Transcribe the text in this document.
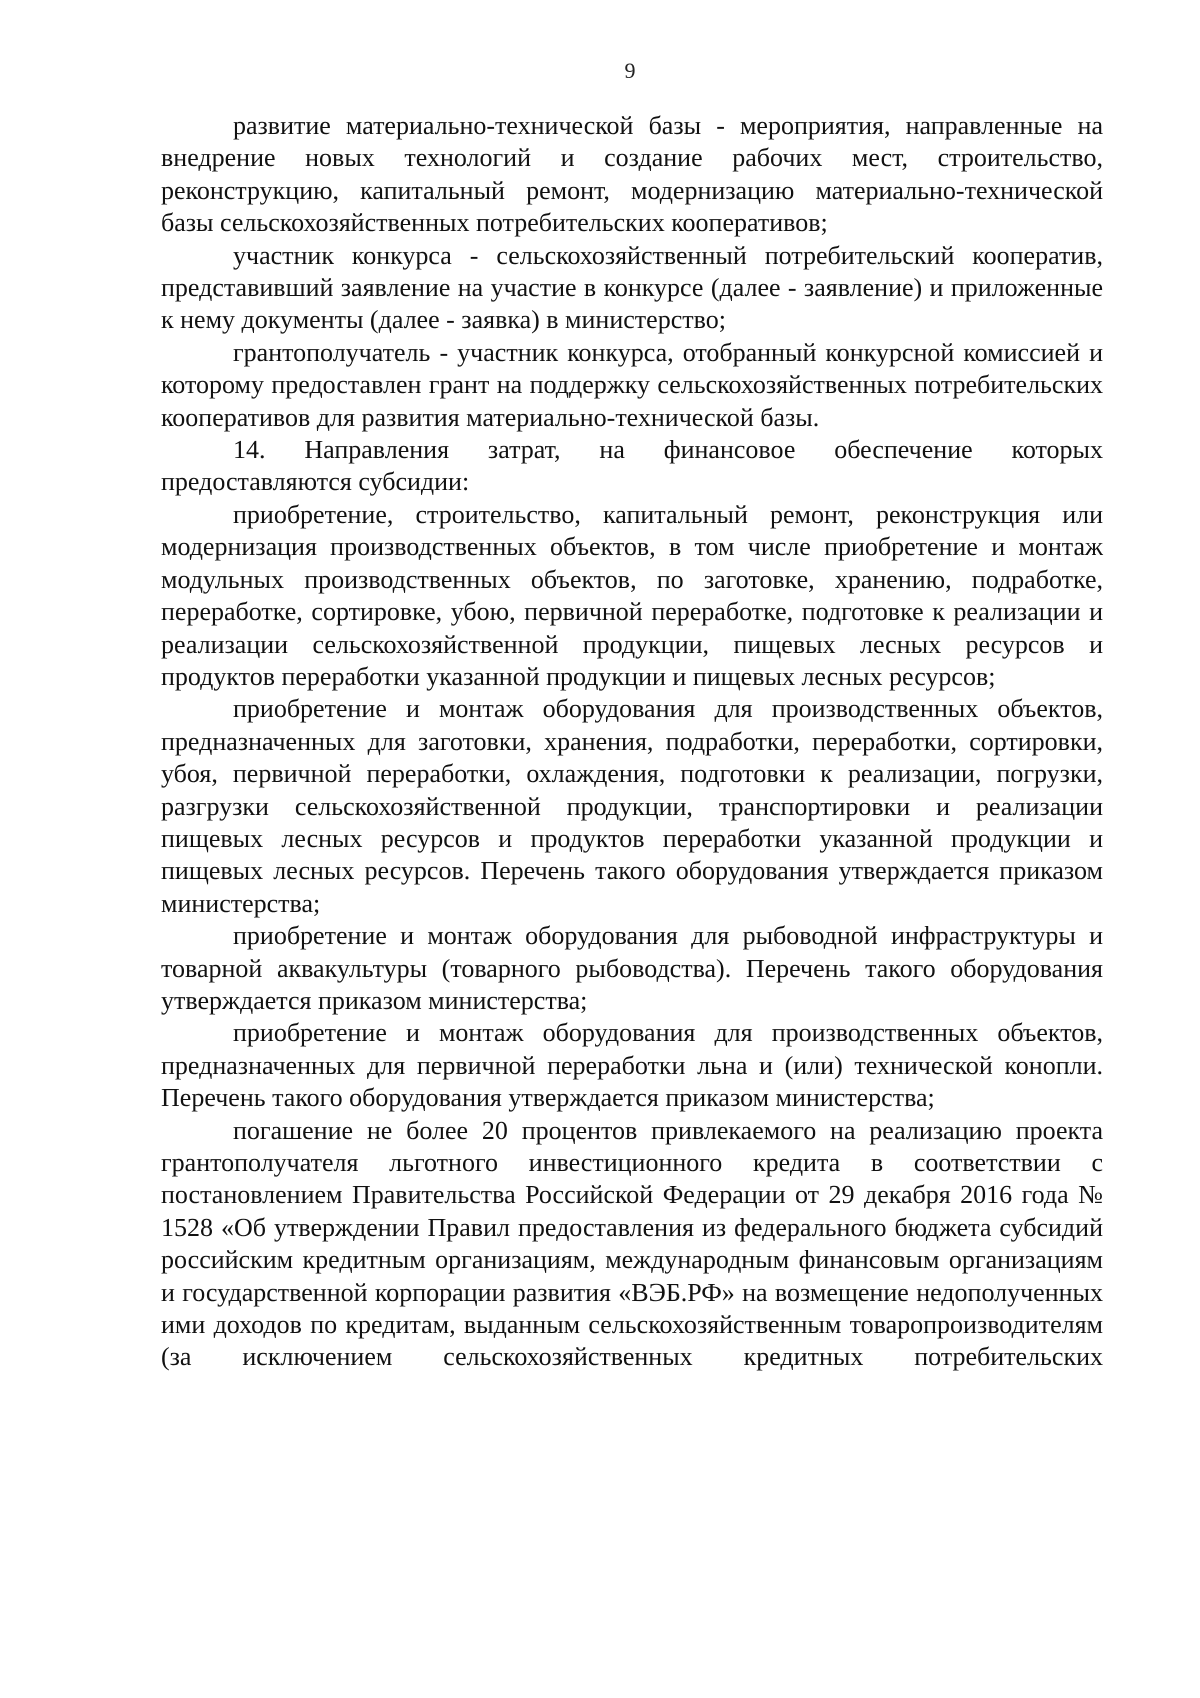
9

развитие материально-технической базы - мероприятия, направленные на внедрение новых технологий и создание рабочих мест, строительство, реконструкцию, капитальный ремонт, модернизацию материально-технической базы сельскохозяйственных потребительских кооперативов;

участник конкурса - сельскохозяйственный потребительский кооператив, представивший заявление на участие в конкурсе (далее - заявление) и приложенные к нему документы (далее - заявка) в министерство;

грантополучатель - участник конкурса, отобранный конкурсной комиссией и которому предоставлен грант на поддержку сельскохозяйственных потребительских кооперативов для развития материально-технической базы.

14. Направления затрат, на финансовое обеспечение которых предоставляются субсидии:

приобретение, строительство, капитальный ремонт, реконструкция или модернизация производственных объектов, в том числе приобретение и монтаж модульных производственных объектов, по заготовке, хранению, подработке, переработке, сортировке, убою, первичной переработке, подготовке к реализации и реализации сельскохозяйственной продукции, пищевых лесных ресурсов и продуктов переработки указанной продукции и пищевых лесных ресурсов;

приобретение и монтаж оборудования для производственных объектов, предназначенных для заготовки, хранения, подработки, переработки, сортировки, убоя, первичной переработки, охлаждения, подготовки к реализации, погрузки, разгрузки сельскохозяйственной продукции, транспортировки и реализации пищевых лесных ресурсов и продуктов переработки указанной продукции и пищевых лесных ресурсов. Перечень такого оборудования утверждается приказом министерства;

приобретение и монтаж оборудования для рыбоводной инфраструктуры и товарной аквакультуры (товарного рыбоводства). Перечень такого оборудования утверждается приказом министерства;

приобретение и монтаж оборудования для производственных объектов, предназначенных для первичной переработки льна и (или) технической конопли. Перечень такого оборудования утверждается приказом министерства;

погашение не более 20 процентов привлекаемого на реализацию проекта грантополучателя льготного инвестиционного кредита в соответствии с постановлением Правительства Российской Федерации от 29 декабря 2016 года № 1528 «Об утверждении Правил предоставления из федерального бюджета субсидий российским кредитным организациям, международным финансовым организациям и государственной корпорации развития «ВЭБ.РФ» на возмещение недополученных ими доходов по кредитам, выданным сельскохозяйственным товаропроизводителям (за исключением сельскохозяйственных кредитных потребительских
